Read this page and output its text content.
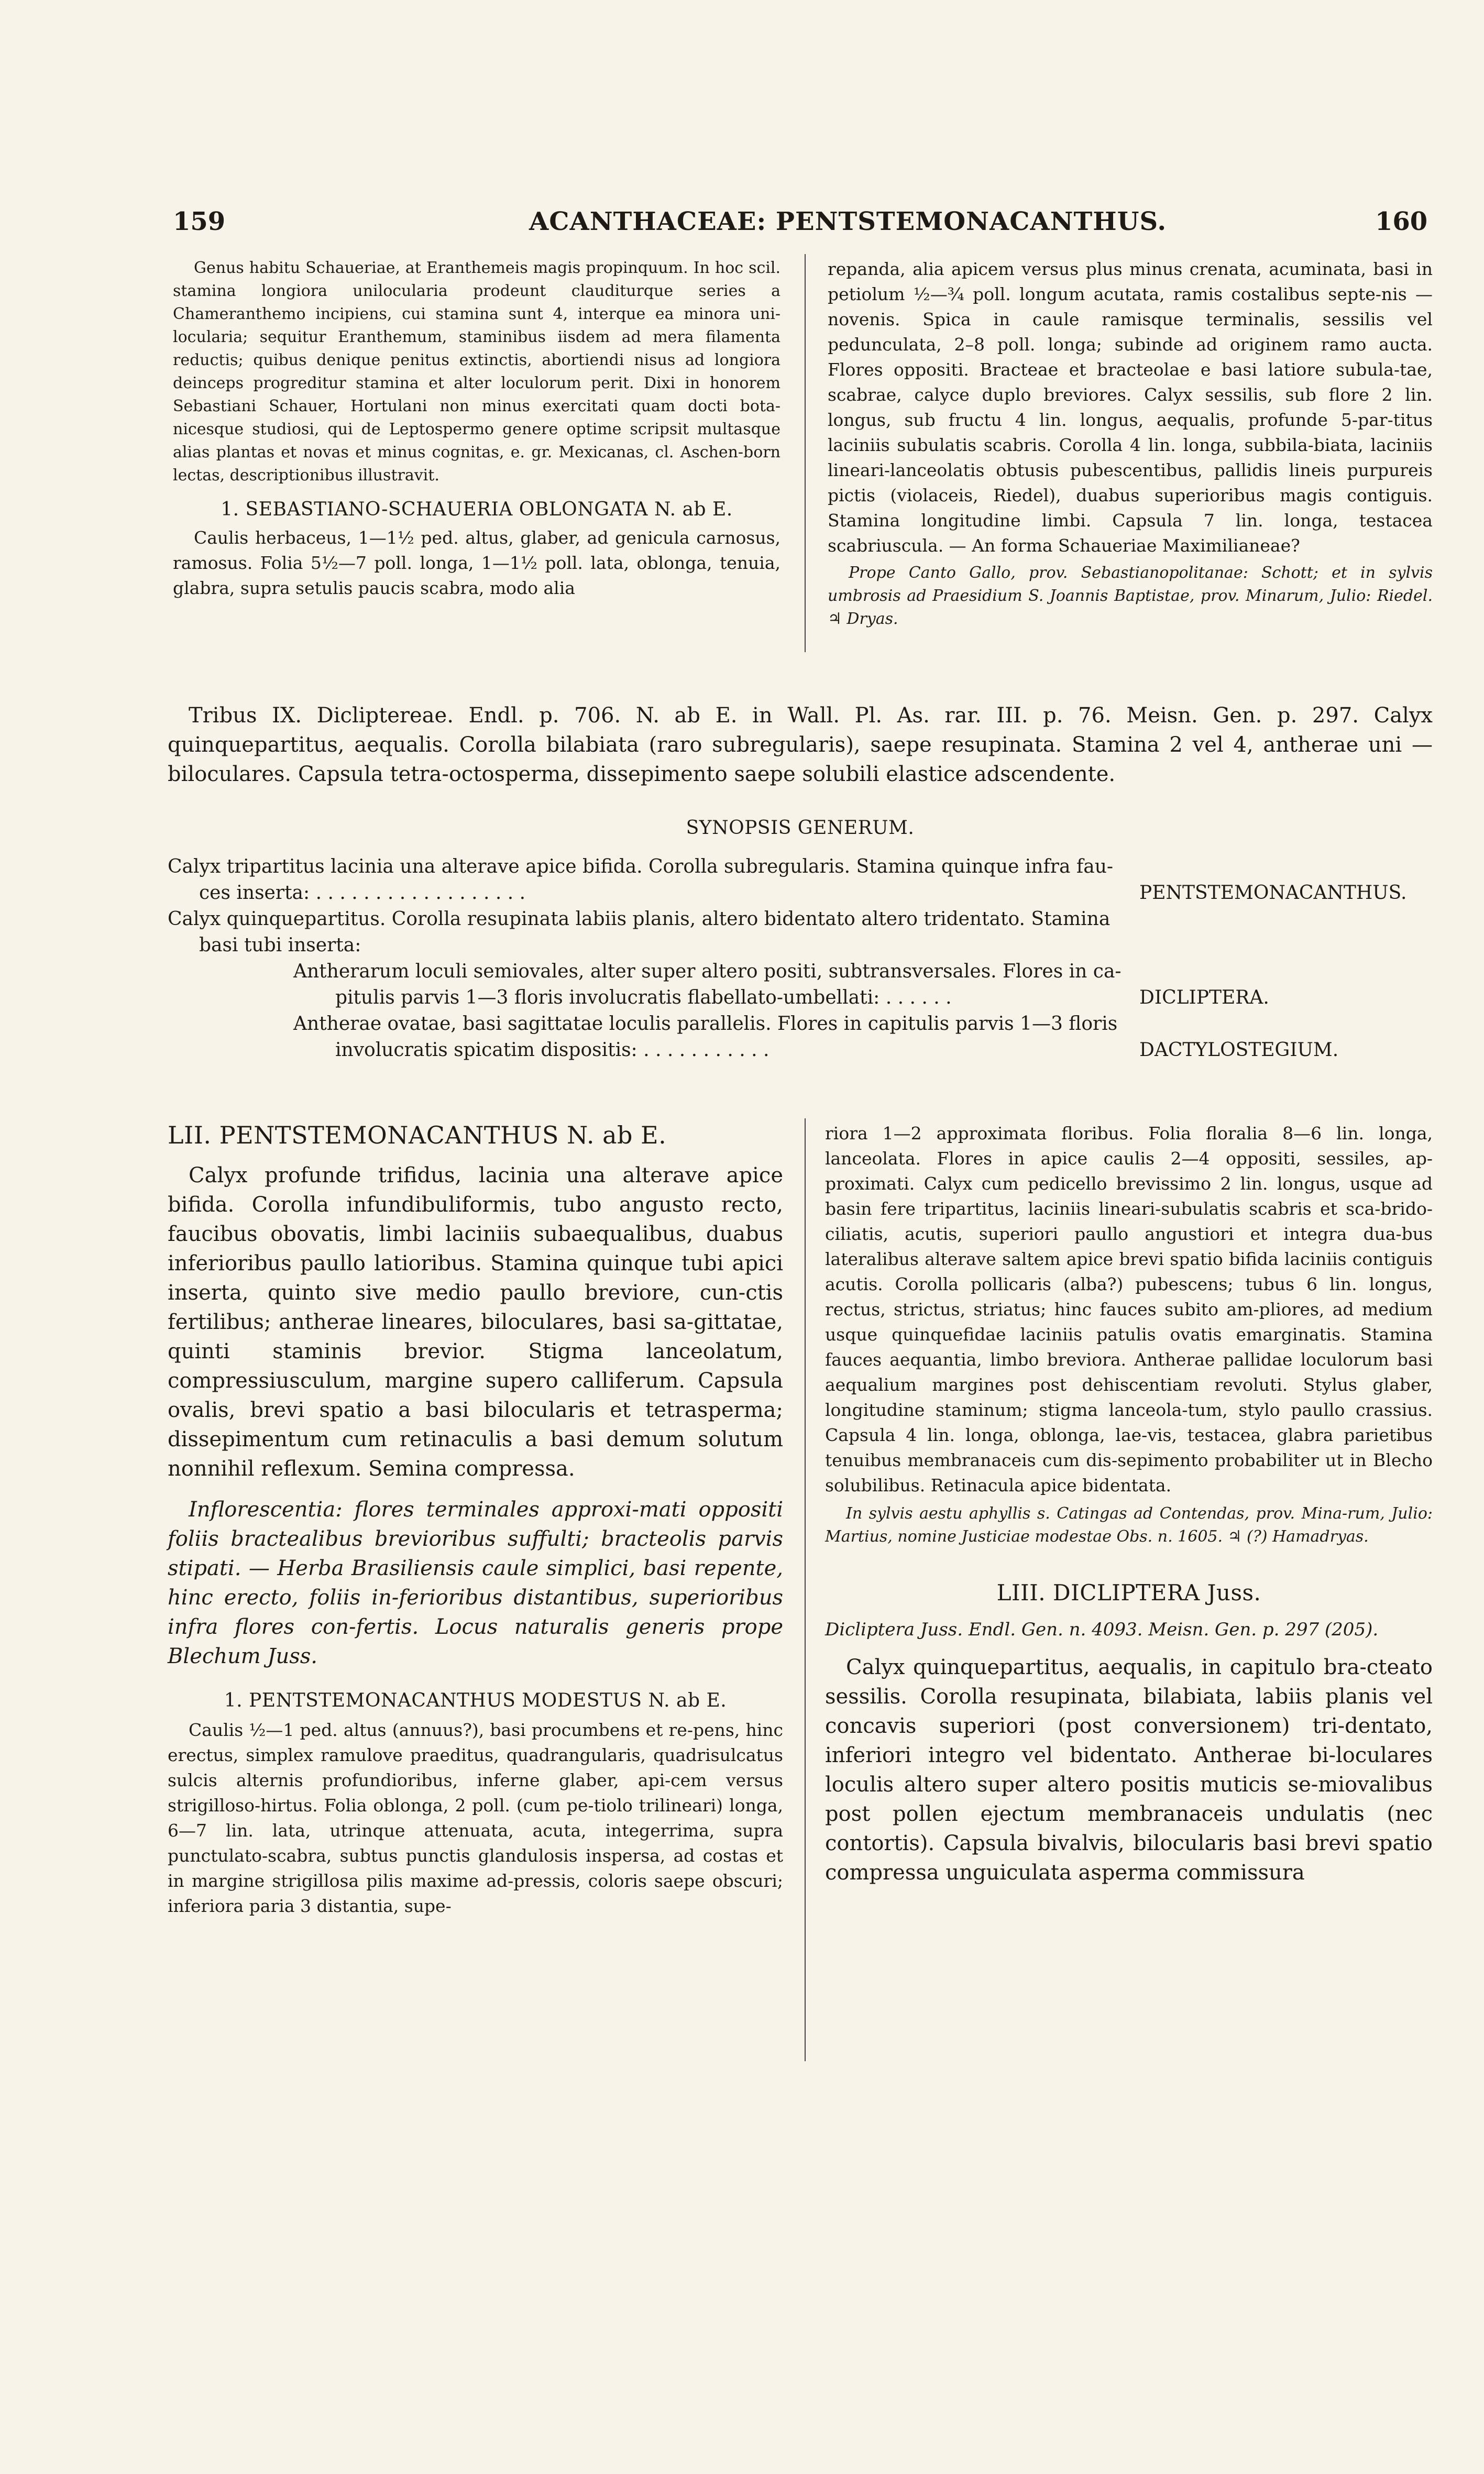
159	ACANTHACEAE: PENTSTEMONACANTHUS.	160

Genus habitu Schaueriae, at Eranthemeis magis propinquum. In hoc scil. stamina longiora unilocularia prodeunt clauditurque series a Chameranthemo incipiens, cui stamina sunt 4, interque ea minora uni-locularia; sequitur Eranthemum, staminibus iisdem ad mera filamenta reductis; quibus denique penitus extinctis, abortiendi nisus ad longiora deinceps progreditur stamina et alter loculorum perit. Dixi in honorem Sebastiani Schauer, Hortulani non minus exercitati quam docti bota-nicesque studiosi, qui de Leptospermo genere optime scripsit multasque alias plantas et novas et minus cognitas, e. gr. Mexicanas, cl. Aschen-born lectas, descriptionibus illustravit.

1. SEBASTIANO-SCHAUERIA OBLONGATA N. ab E.

Caulis herbaceus, 1—1½ ped. altus, glaber, ad genicula carnosus, ramosus. Folia 5½—7 poll. longa, 1—1½ poll. lata, oblonga, tenuia, glabra, supra setulis paucis scabra, modo alia

repanda, alia apicem versus plus minus crenata, acuminata, basi in petiolum ½—¾ poll. longum acutata, ramis costalibus septe-nis — novenis. Spica in caule ramisque terminalis, sessilis vel pedunculata, 2–8 poll. longa; subinde ad originem ramo aucta. Flores oppositi. Bracteae et bracteolae e basi latiore subula-tae, scabrae, calyce duplo breviores. Calyx sessilis, sub flore 2 lin. longus, sub fructu 4 lin. longus, aequalis, profunde 5-par-titus laciniis subulatis scabris. Corolla 4 lin. longa, subbila-biata, laciniis lineari-lanceolatis obtusis pubescentibus, pallidis lineis purpureis pictis (violaceis, Riedel), duabus superioribus magis contiguis. Stamina longitudine limbi. Capsula 7 lin. longa, testacea scabriuscula. — An forma Schaueriae Maximilianeae?

Prope Canto Gallo, prov. Sebastianopolitanae: Schott; et in sylvis umbrosis ad Praesidium S. Joannis Baptistae, prov. Minarum, Julio: Riedel. ♃ Dryas.

Tribus IX. Dicliptereae. Endl. p. 706. N. ab E. in Wall. Pl. As. rar. III. p. 76. Meisn. Gen. p. 297. Calyx quinquepartitus, aequalis. Corolla bilabiata (raro subregularis), saepe resupinata. Stamina 2 vel 4, antherae uni — biloculares. Capsula tetra-octosperma, dissepimento saepe solubili elastice adscendente.

SYNOPSIS GENERUM.
Calyx tripartitus lacinia una alterave apice bifida. Corolla subregularis. Stamina quinque infra fau-
ces inserta: . . . . . . . . . . . . . . . . . .	PENTSTEMONACANTHUS.
Calyx quinquepartitus. Corolla resupinata labiis planis, altero bidentato altero tridentato. Stamina
basi tubi inserta:
Antherarum loculi semiovales, alter super altero positi, subtransversales. Flores in ca-
pitulis parvis 1—3 floris involucratis flabellato-umbellati: . . . . . .	DICLIPTERA.
Antherae ovatae, basi sagittatae loculis parallelis. Flores in capitulis parvis 1—3 floris
involucratis spicatim dispositis: . . . . . . . . . . .	DACTYLOSTEGIUM.

LII. PENTSTEMONACANTHUS N. ab E.

Calyx profunde trifidus, lacinia una alterave apice bifida. Corolla infundibuliformis, tubo angusto recto, faucibus obovatis, limbi laciniis subaequalibus, duabus inferioribus paullo latioribus. Stamina quinque tubi apici inserta, quinto sive medio paullo breviore, cun-ctis fertilibus; antherae lineares, biloculares, basi sa-gittatae, quinti staminis brevior. Stigma lanceolatum, compressiusculum, margine supero calliferum. Capsula ovalis, brevi spatio a basi bilocularis et tetrasperma; dissepimentum cum retinaculis a basi demum solutum nonnihil reflexum. Semina compressa.

Inflorescentia: flores terminales approxi-mati oppositi foliis bractealibus brevioribus suffulti; bracteolis parvis stipati. — Herba Brasiliensis caule simplici, basi repente, hinc erecto, foliis in-ferioribus distantibus, superioribus infra flores con-fertis. Locus naturalis generis prope Blechum Juss.

1. PENTSTEMONACANTHUS MODESTUS N. ab E.

Caulis ½—1 ped. altus (annuus?), basi procumbens et re-pens, hinc erectus, simplex ramulove praeditus, quadrangularis, quadrisulcatus sulcis alternis profundioribus, inferne glaber, api-cem versus strigilloso-hirtus. Folia oblonga, 2 poll. (cum pe-tiolo trilineari) longa, 6—7 lin. lata, utrinque attenuata, acuta, integerrima, supra punctulato-scabra, subtus punctis glandulosis inspersa, ad costas et in margine strigillosa pilis maxime ad-pressis, coloris saepe obscuri; inferiora paria 3 distantia, supe-

riora 1—2 approximata floribus. Folia floralia 8—6 lin. longa, lanceolata. Flores in apice caulis 2—4 oppositi, sessiles, ap-proximati. Calyx cum pedicello brevissimo 2 lin. longus, usque ad basin fere tripartitus, laciniis lineari-subulatis scabris et sca-brido-ciliatis, acutis, superiori paullo angustiori et integra dua-bus lateralibus alterave saltem apice brevi spatio bifida laciniis contiguis acutis. Corolla pollicaris (alba?) pubescens; tubus 6 lin. longus, rectus, strictus, striatus; hinc fauces subito am-pliores, ad medium usque quinquefidae laciniis patulis ovatis emarginatis. Stamina fauces aequantia, limbo breviora. Antherae pallidae loculorum basi aequalium margines post dehiscentiam revoluti. Stylus glaber, longitudine staminum; stigma lanceola-tum, stylo paullo crassius. Capsula 4 lin. longa, oblonga, lae-vis, testacea, glabra parietibus tenuibus membranaceis cum dis-sepimento probabiliter ut in Blecho solubilibus. Retinacula apice bidentata.

In sylvis aestu aphyllis s. Catingas ad Contendas, prov. Mina-rum, Julio: Martius, nomine Justiciae modestae Obs. n. 1605. ♃ (?) Hamadryas.

LIII. DICLIPTERA Juss.

Dicliptera Juss. Endl. Gen. n. 4093. Meisn. Gen. p. 297 (205).

Calyx quinquepartitus, aequalis, in capitulo bra-cteato sessilis. Corolla resupinata, bilabiata, labiis planis vel concavis superiori (post conversionem) tri-dentato, inferiori integro vel bidentato. Antherae bi-loculares loculis altero super altero positis muticis se-miovalibus post pollen ejectum membranaceis undulatis (nec contortis). Capsula bivalvis, bilocularis basi brevi spatio compressa unguiculata asperma commissura
